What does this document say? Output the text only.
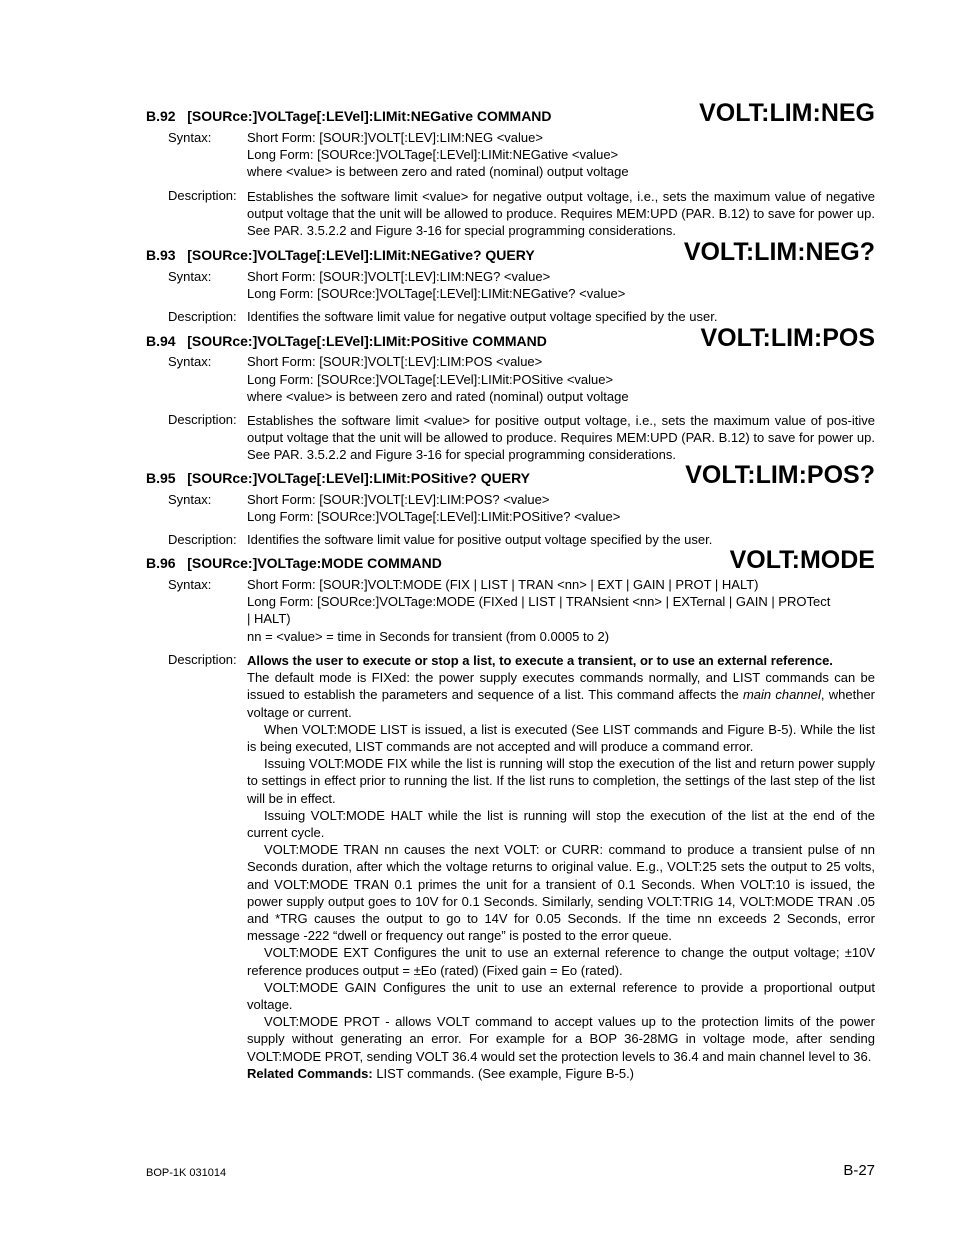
B.92 [SOURce:]VOLTage[:LEVel]:LIMit:NEGative COMMAND	VOLT:LIM:NEG
Syntax:	Short Form: [SOUR:]VOLT[:LEV]:LIM:NEG <value>
Long Form: [SOURce:]VOLTage[:LEVel]:LIMit:NEGative <value>
where <value> is between zero and rated (nominal) output voltage
Description: Establishes the software limit <value> for negative output voltage, i.e., sets the maximum value of negative output voltage that the unit will be allowed to produce. Requires MEM:UPD (PAR. B.12) to save for power up. See PAR. 3.5.2.2 and Figure 3-16 for special programming considerations.

B.93 [SOURce:]VOLTage[:LEVel]:LIMit:NEGative? QUERY	VOLT:LIM:NEG?
Syntax:	Short Form: [SOUR:]VOLT[:LEV]:LIM:NEG? <value>
Long Form: [SOURce:]VOLTage[:LEVel]:LIMit:NEGative? <value>
Description: Identifies the software limit value for negative output voltage specified by the user.
B.94 [SOURce:]VOLTage[:LEVel]:LIMit:POSitive COMMAND	VOLT:LIM:POS
Syntax:	Short Form: [SOUR:]VOLT[:LEV]:LIM:POS <value>
Long Form: [SOURce:]VOLTage[:LEVel]:LIMit:POSitive <value>
where <value> is between zero and rated (nominal) output voltage
Description: Establishes the software limit <value> for positive output voltage, i.e., sets the maximum value of pos-itive output voltage that the unit will be allowed to produce. Requires MEM:UPD (PAR. B.12) to save for power up. See PAR. 3.5.2.2 and Figure 3-16 for special programming considerations.

B.95 [SOURce:]VOLTage[:LEVel]:LIMit:POSitive? QUERY	VOLT:LIM:POS?
Syntax:	Short Form: [SOUR:]VOLT[:LEV]:LIM:POS? <value>
Long Form: [SOURce:]VOLTage[:LEVel]:LIMit:POSitive? <value>
Description: Identifies the software limit value for positive output voltage specified by the user.
B.96 [SOURce:]VOLTage:MODE COMMAND	VOLT:MODE
Syntax:	Short Form: [SOUR:]VOLT:MODE (FIX | LIST | TRAN <nn> | EXT | GAIN | PROT | HALT)
Long Form: [SOURce:]VOLTage:MODE (FIXed | LIST | TRANsient <nn> | EXTernal | GAIN | PROTect
| HALT)
nn = <value> = time in Seconds for transient (from 0.0005 to 2)
Description: Allows the user to execute or stop a list, to execute a transient, or to use an external reference.

The default mode is FIXed: the power supply executes commands normally, and LIST commands can be issued to establish the parameters and sequence of a list. This command affects the main channel, whether voltage or current.

When VOLT:MODE LIST is issued, a list is executed (See LIST commands and Figure B-5). While the list is being executed, LIST commands are not accepted and will produce a command error.

Issuing VOLT:MODE FIX while the list is running will stop the execution of the list and return power supply to settings in effect prior to running the list. If the list runs to completion, the settings of the last step of the list will be in effect.

Issuing VOLT:MODE HALT while the list is running will stop the execution of the list at the end of the current cycle.

VOLT:MODE TRAN nn causes the next VOLT: or CURR: command to produce a transient pulse of nn Seconds duration, after which the voltage returns to original value. E.g., VOLT:25 sets the output to 25 volts, and VOLT:MODE TRAN 0.1 primes the unit for a transient of 0.1 Seconds. When VOLT:10 is issued, the power supply output goes to 10V for 0.1 Seconds. Similarly, sending VOLT:TRIG 14, VOLT:MODE TRAN .05 and *TRG causes the output to go to 14V for 0.05 Seconds. If the time nn exceeds 2 Seconds, error message -222 “dwell or frequency out range” is posted to the error queue.

VOLT:MODE EXT Configures the unit to use an external reference to change the output voltage; ±10V reference produces output = ±Eo (rated) (Fixed gain = Eo (rated).

VOLT:MODE GAIN Configures the unit to use an external reference to provide a proportional output voltage.

VOLT:MODE PROT - allows VOLT command to accept values up to the protection limits of the power supply without generating an error. For example for a BOP 36-28MG in voltage mode, after sending VOLT:MODE PROT, sending VOLT 36.4 would set the protection levels to 36.4 and main channel level to 36.

Related Commands: LIST commands. (See example, Figure B-5.)

BOP-1K 031014	B-27
